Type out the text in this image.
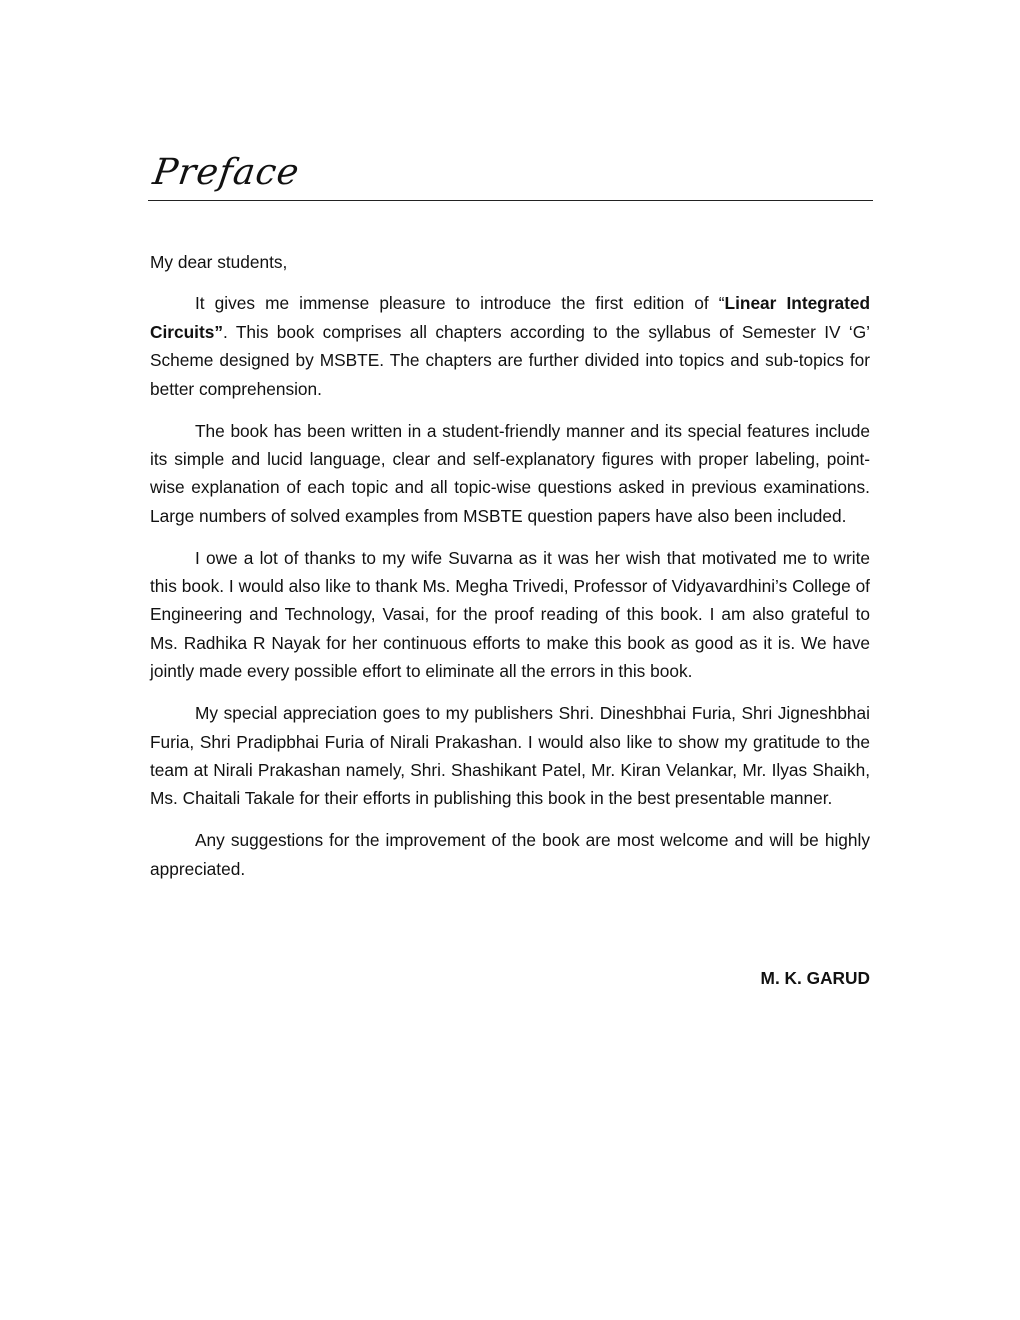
Preface

My dear students,

It gives me immense pleasure to introduce the first edition of “Linear Integrated Circuits”. This book comprises all chapters according to the syllabus of Semester IV ‘G’ Scheme designed by MSBTE. The chapters are further divided into topics and sub-topics for better comprehension.

The book has been written in a student-friendly manner and its special features include its simple and lucid language, clear and self-explanatory figures with proper labeling, point-wise explanation of each topic and all topic-wise questions asked in previous examinations. Large numbers of solved examples from MSBTE question papers have also been included.

I owe a lot of thanks to my wife Suvarna as it was her wish that motivated me to write this book. I would also like to thank Ms. Megha Trivedi, Professor of Vidyavardhini’s College of Engineering and Technology, Vasai, for the proof reading of this book. I am also grateful to Ms. Radhika R Nayak for her continuous efforts to make this book as good as it is. We have jointly made every possible effort to eliminate all the errors in this book.

My special appreciation goes to my publishers Shri. Dineshbhai Furia, Shri Jigneshbhai Furia, Shri Pradipbhai Furia of Nirali Prakashan. I would also like to show my gratitude to the team at Nirali Prakashan namely, Shri. Shashikant Patel, Mr. Kiran Velankar, Mr. Ilyas Shaikh, Ms. Chaitali Takale for their efforts in publishing this book in the best presentable manner.

Any suggestions for the improvement of the book are most welcome and will be highly appreciated.

M. K. GARUD
